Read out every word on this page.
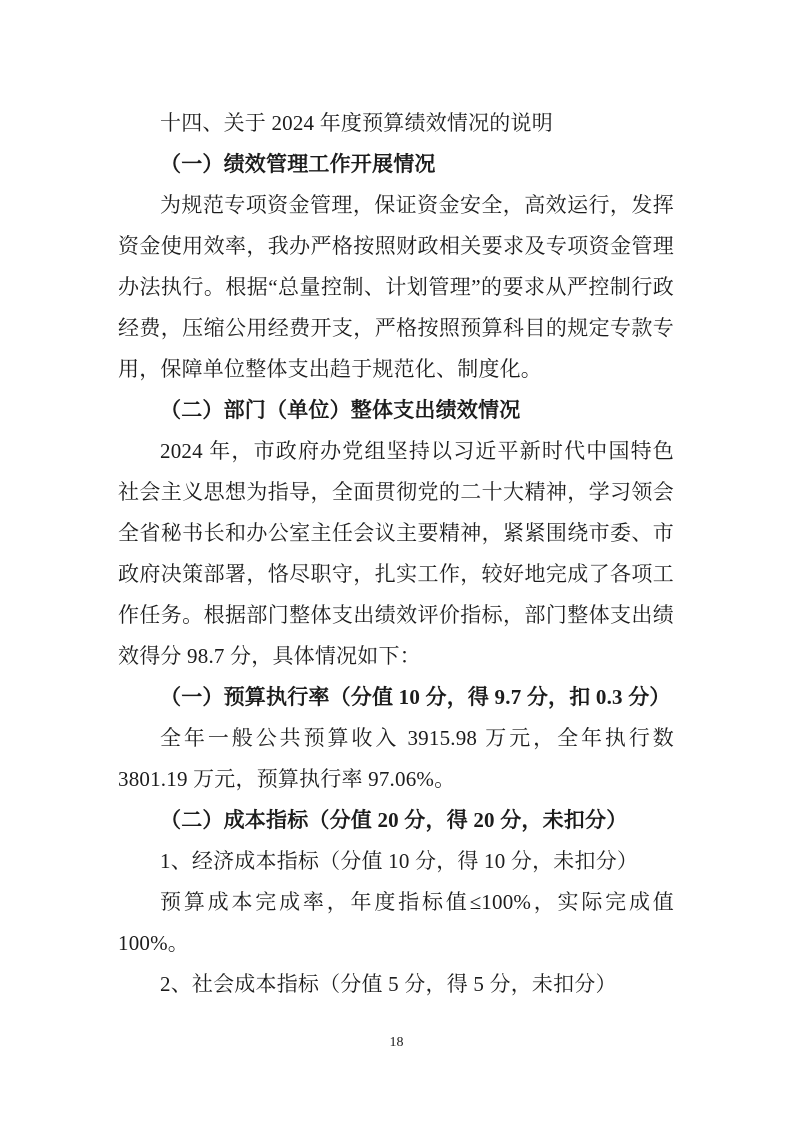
十四、关于 2024 年度预算绩效情况的说明

（一）绩效管理工作开展情况

为规范专项资金管理，保证资金安全，高效运行，发挥资金使用效率，我办严格按照财政相关要求及专项资金管理办法执行。根据“总量控制、计划管理”的要求从严控制行政经费，压缩公用经费开支，严格按照预算科目的规定专款专用，保障单位整体支出趋于规范化、制度化。

（二）部门（单位）整体支出绩效情况

2024 年，市政府办党组坚持以习近平新时代中国特色社会主义思想为指导，全面贯彻党的二十大精神，学习领会全省秘书长和办公室主任会议主要精神，紧紧围绕市委、市政府决策部署，恪尽职守，扎实工作，较好地完成了各项工作任务。根据部门整体支出绩效评价指标，部门整体支出绩效得分 98.7 分，具体情况如下：

（一）预算执行率（分值 10 分，得 9.7 分，扣 0.3 分）

全年一般公共预算收入 3915.98 万元，全年执行数 3801.19 万元，预算执行率 97.06%。

（二）成本指标（分值 20 分，得 20 分，未扣分）

1、经济成本指标（分值 10 分，得 10 分，未扣分）

预算成本完成率，年度指标值≤100%，实际完成值 100%。

2、社会成本指标（分值 5 分，得 5 分，未扣分）

18
